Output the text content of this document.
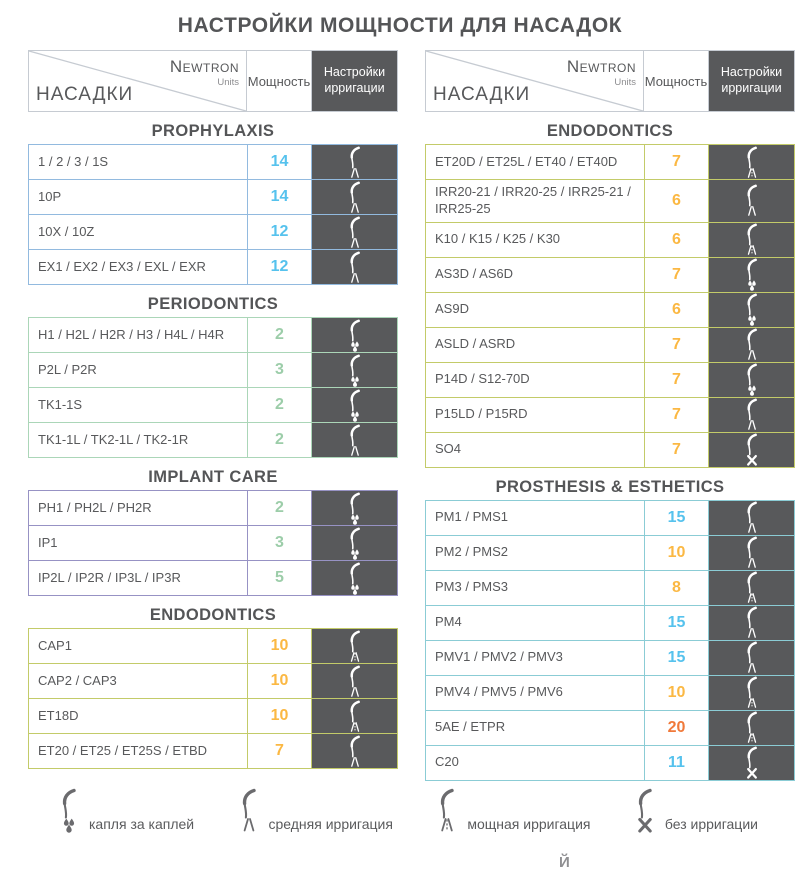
НАСТРОЙКИ МОЩНОСТИ ДЛЯ НАСАДОК
Newtron
Units
НАСАДКИ
Мощность
Настройки ирригации
PROPHYLAXIS
1 / 2 / 3 / 1S	14
10P	14
10X / 10Z	12
EX1 / EX2 / EX3 / EXL / EXR	12
PERIODONTICS
H1 / H2L / H2R / H3 / H4L / H4R	2
P2L / P2R	3
TK1-1S	2
TK1-1L / TK2-1L / TK2-1R	2
IMPLANT CARE
PH1 / PH2L / PH2R	2
IP1	3
IP2L / IP2R / IP3L / IP3R	5
ENDODONTICS
CAP1	10
CAP2 / CAP3	10
ET18D	10
ET20 / ET25 / ET25S / ETBD	7
Newtron
Units
НАСАДКИ
Мощность
Настройки ирригации
ENDODONTICS
ET20D / ET25L / ET40 / ET40D	7
IRR20-21 / IRR20-25 / IRR25-21 / IRR25-25	6
K10 / K15 / K25 / K30	6
AS3D / AS6D	7
AS9D	6
ASLD / ASRD	7
P14D / S12-70D	7
P15LD / P15RD	7
SO4	7
PROSTHESIS & ESTHETICS
PM1 / PMS1	15
PM2 / PMS2	10
PM3 / PMS3	8
PM4	15
PMV1 / PMV2 / PMV3	15
PMV4 / PMV5 / PMV6	10
5AE / ETPR	20
C20	11
капля за каплей	средняя ирригация	мощная ирригация	без ирригации
Й
